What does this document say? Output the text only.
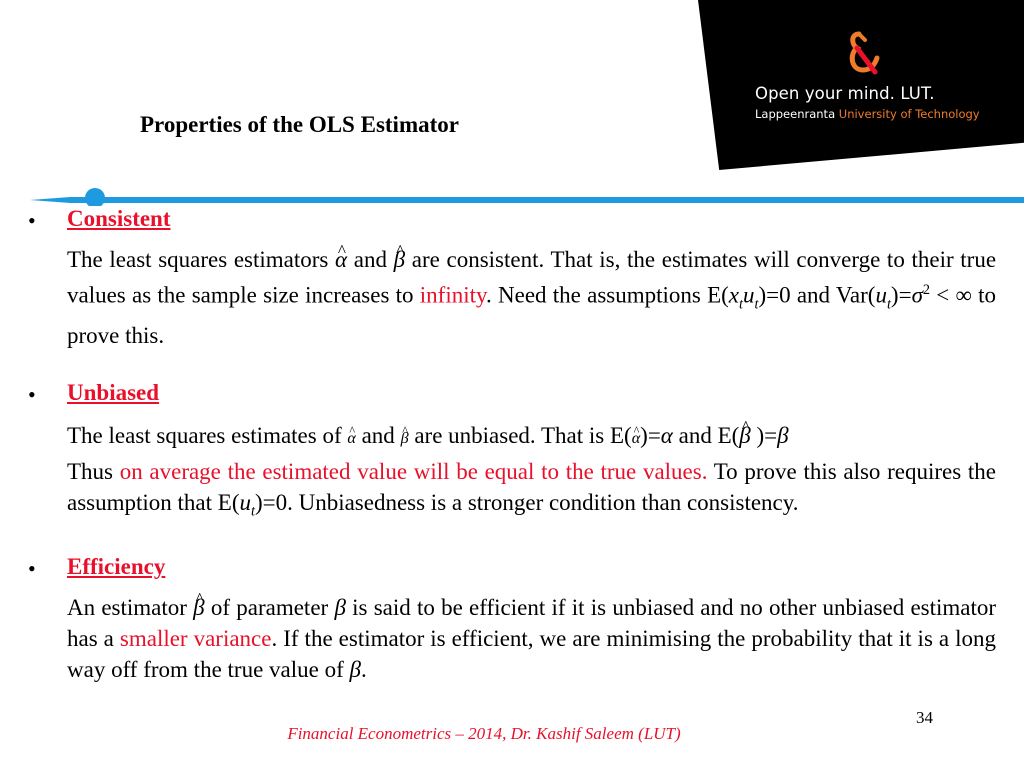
Open your mind. LUT.
Lappeenranta University of Technology
Properties of the OLS Estimator
• Consistent
The least squares estimators ^ α and ^ β are consistent. That is, the estimates will converge to their true values as the sample size increases to infinity. Need the assumptions $E(x_tu_t)=0$ and $Var(u_t)=\sigma^2$ < ∞ to prove this.
• Unbiased
The least squares estimates of ^ α and ^ β are unbiased. That is E(^ α)=α and E(^ β )=β
Thus on average the estimated value will be equal to the true values. To prove this also requires the assumption that $E(u_t)=0$. Unbiasedness is a stronger condition than consistency.
• Efficiency
An estimator ^ β of parameter β is said to be efficient if it is unbiased and no other unbiased estimator has a smaller variance. If the estimator is efficient, we are minimising the probability that it is a long way off from the true value of β.
34
Financial Econometrics – 2014, Dr. Kashif Saleem (LUT)
